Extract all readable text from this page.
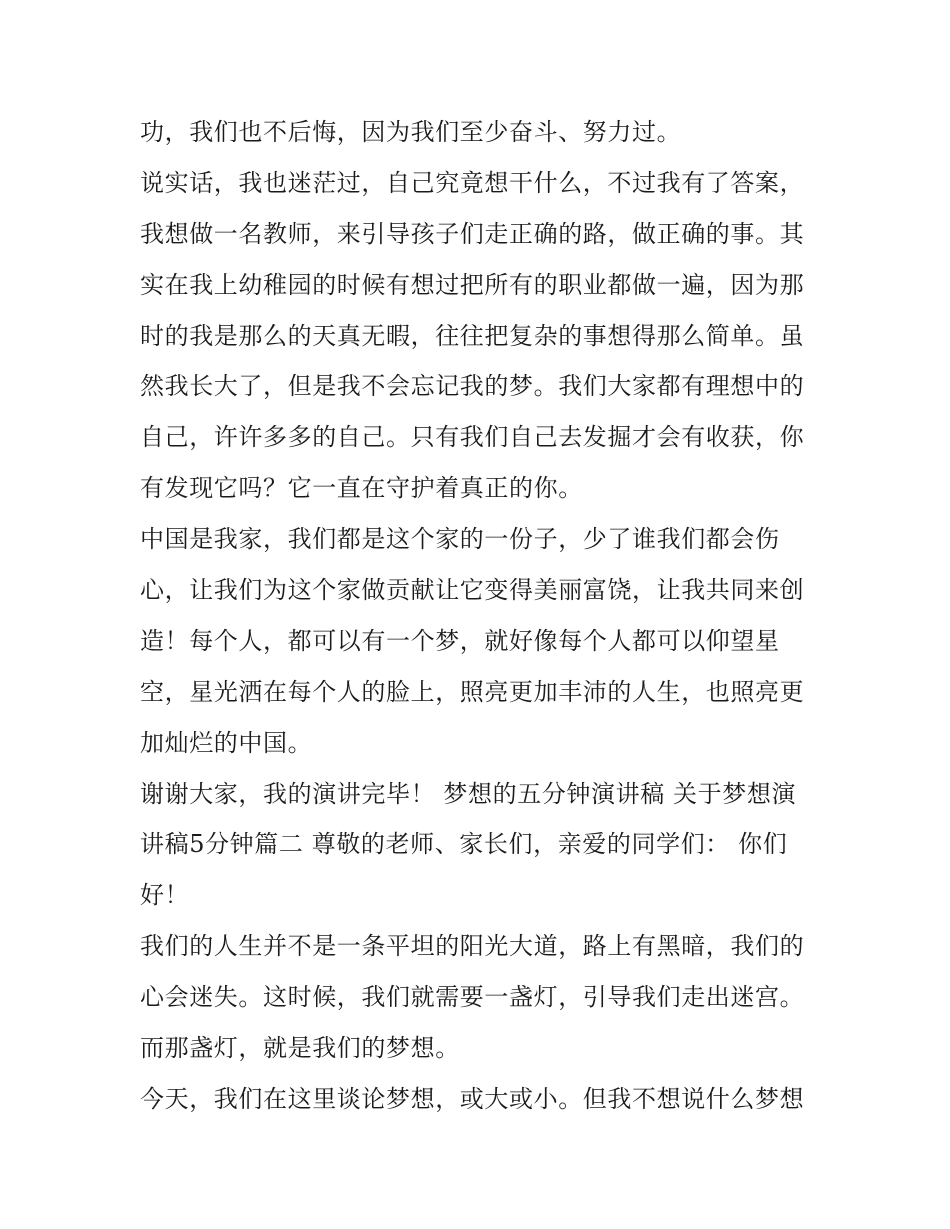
功，我们也不后悔，因为我们至少奋斗、努力过。
说实话，我也迷茫过，自己究竟想干什么，不过我有了答案，
我想做一名教师，来引导孩子们走正确的路，做正确的事。其
实在我上幼稚园的时候有想过把所有的职业都做一遍，因为那
时的我是那么的天真无暇，往往把复杂的事想得那么简单。虽
然我长大了，但是我不会忘记我的梦。我们大家都有理想中的
自己，许许多多的自己。只有我们自己去发掘才会有收获，你
有发现它吗？它一直在守护着真正的你。
中国是我家，我们都是这个家的一份子，少了谁我们都会伤
心，让我们为这个家做贡献让它变得美丽富饶，让我共同来创
造！每个人，都可以有一个梦，就好像每个人都可以仰望星
空，星光洒在每个人的脸上，照亮更加丰沛的人生，也照亮更
加灿烂的中国。
谢谢大家，我的演讲完毕！ 梦想的五分钟演讲稿 关于梦想演
讲稿5分钟篇二 尊敬的老师、家长们，亲爱的同学们： 你们
好！
我们的人生并不是一条平坦的阳光大道，路上有黑暗，我们的
心会迷失。这时候，我们就需要一盏灯，引导我们走出迷宫。
而那盏灯，就是我们的梦想。
今天，我们在这里谈论梦想，或大或小。但我不想说什么梦想
